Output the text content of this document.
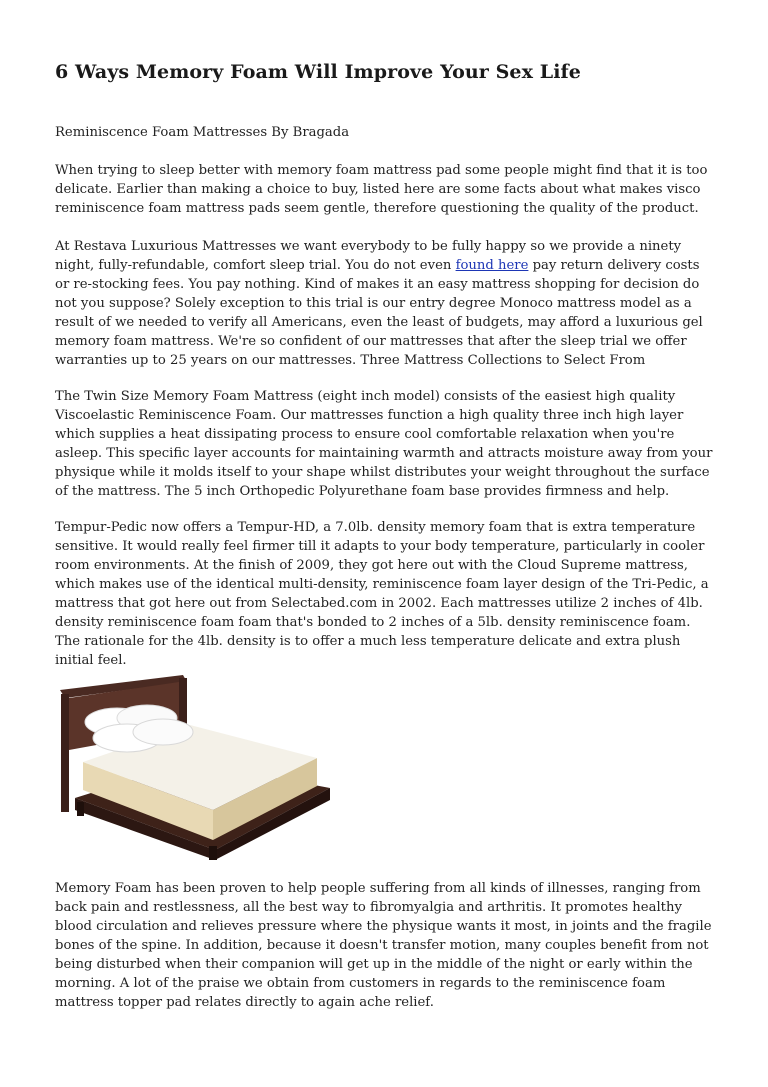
6 Ways Memory Foam Will Improve Your Sex Life

Reminiscence Foam Mattresses By Bragada

When trying to sleep better with memory foam mattress pad some people might find that it is too delicate. Earlier than making a choice to buy, listed here are some facts about what makes visco reminiscence foam mattress pads seem gentle, therefore questioning the quality of the product.

At Restava Luxurious Mattresses we want everybody to be fully happy so we provide a ninety night, fully-refundable, comfort sleep trial. You do not even found here pay return delivery costs or re-stocking fees. You pay nothing. Kind of makes it an easy mattress shopping for decision do not you suppose? Solely exception to this trial is our entry degree Monoco mattress model as a result of we needed to verify all Americans, even the least of budgets, may afford a luxurious gel memory foam mattress. We're so confident of our mattresses that after the sleep trial we offer warranties up to 25 years on our mattresses. Three Mattress Collections to Select From

The Twin Size Memory Foam Mattress (eight inch model) consists of the easiest high quality Viscoelastic Reminiscence Foam. Our mattresses function a high quality three inch high layer which supplies a heat dissipating process to ensure cool comfortable relaxation when you're asleep. This specific layer accounts for maintaining warmth and attracts moisture away from your physique while it molds itself to your shape whilst distributes your weight throughout the surface of the mattress. The 5 inch Orthopedic Polyurethane foam base provides firmness and help.

Tempur-Pedic now offers a Tempur-HD, a 7.0lb. density memory foam that is extra temperature sensitive. It would really feel firmer till it adapts to your body temperature, particularly in cooler room environments. At the finish of 2009, they got here out with the Cloud Supreme mattress, which makes use of the identical multi-density, reminiscence foam layer design of the Tri-Pedic, a mattress that got here out from Selectabed.com in 2002. Each mattresses utilize 2 inches of 4lb. density reminiscence foam foam that's bonded to 2 inches of a 5lb. density reminiscence foam. The rationale for the 4lb. density is to offer a much less temperature delicate and extra plush initial feel.

Memory Foam has been proven to help people suffering from all kinds of illnesses, ranging from back pain and restlessness, all the best way to fibromyalgia and arthritis. It promotes healthy blood circulation and relieves pressure where the physique wants it most, in joints and the fragile bones of the spine. In addition, because it doesn't transfer motion, many couples benefit from not being disturbed when their companion will get up in the middle of the night or early within the morning. A lot of the praise we obtain from customers in regards to the reminiscence foam mattress topper pad relates directly to again ache relief.
